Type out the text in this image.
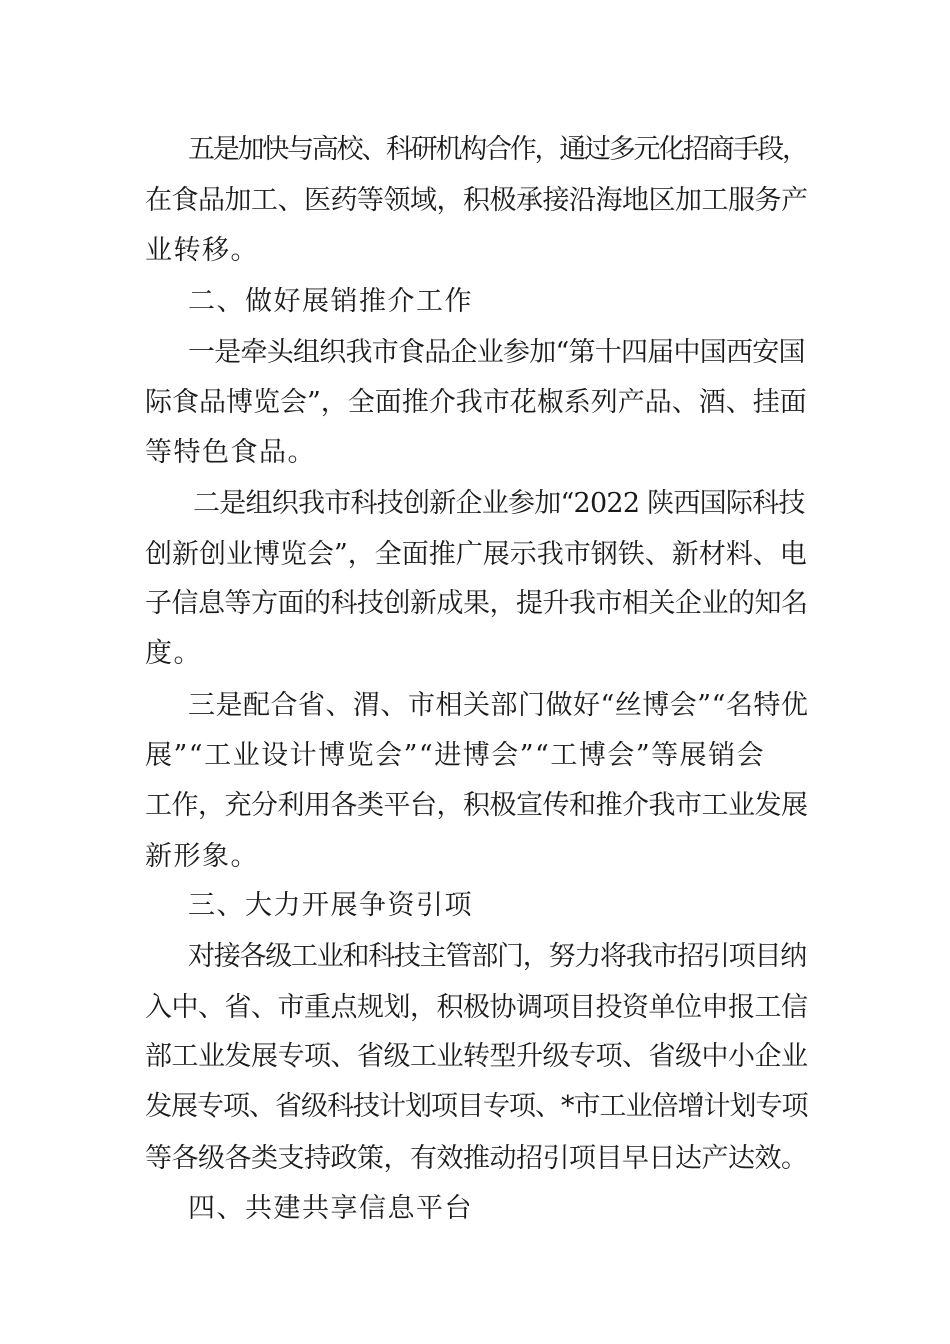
五是加快与高校、科研机构合作，通过多元化招商手段，
在食品加工、医药等领域，积极承接沿海地区加工服务产
业转移。
二、做好展销推介工作
一是牵头组织我市食品企业参加“第十四届中国西安国
际食品博览会”，全面推介我市花椒系列产品、酒、挂面
等特色食品。
二是组织我市科技创新企业参加“2022 陕西国际科技
创新创业博览会”，全面推广展示我市钢铁、新材料、电
子信息等方面的科技创新成果，提升我市相关企业的知名
度。
三是配合省、渭、市相关部门做好“丝博会”“名特优
展”“工业设计博览会”“进博会”“工博会”等展销会
工作，充分利用各类平台，积极宣传和推介我市工业发展
新形象。
三、大力开展争资引项
对接各级工业和科技主管部门，努力将我市招引项目纳
入中、省、市重点规划，积极协调项目投资单位申报工信
部工业发展专项、省级工业转型升级专项、省级中小企业
发展专项、省级科技计划项目专项、*市工业倍增计划专项
等各级各类支持政策，有效推动招引项目早日达产达效。
四、共建共享信息平台
